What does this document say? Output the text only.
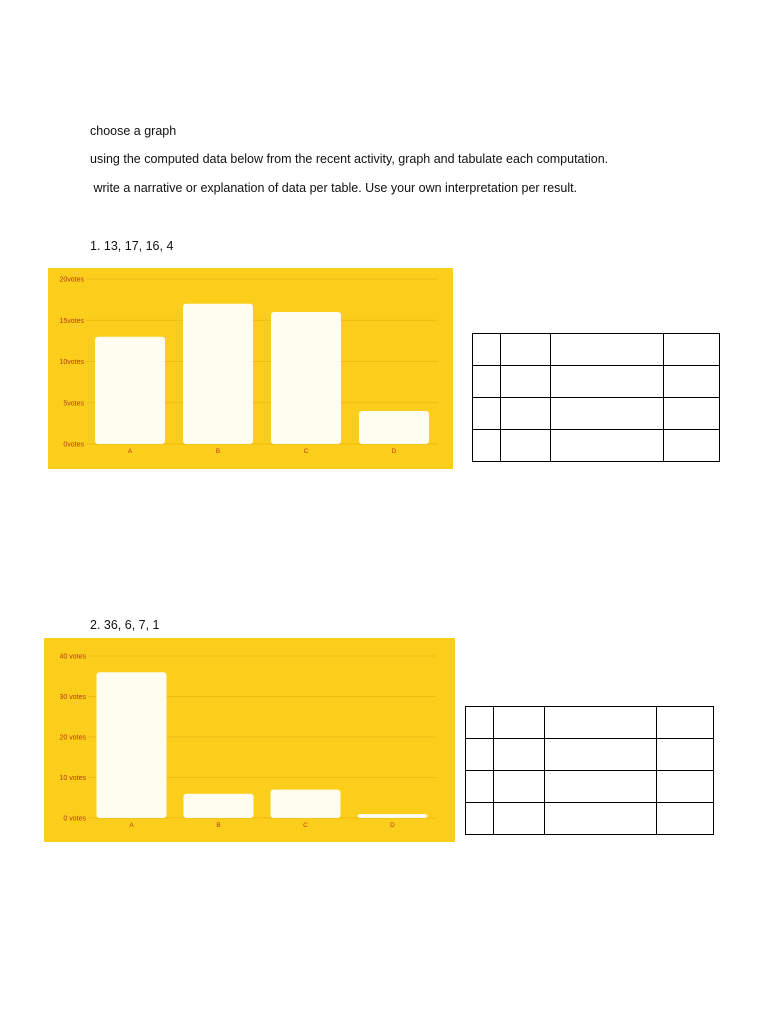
choose a graph
using the computed data below from the recent activity, graph and tabulate each computation.
write a narrative or explanation of data per table. Use your own interpretation per result.
1. 13, 17, 16, 4
0votes
5votes
10votes
15votes
20votes
A	B	C	D

2. 36, 6, 7, 1
0 votes
10 votes
20 votes
30 votes
40 votes
A	B	C	D
